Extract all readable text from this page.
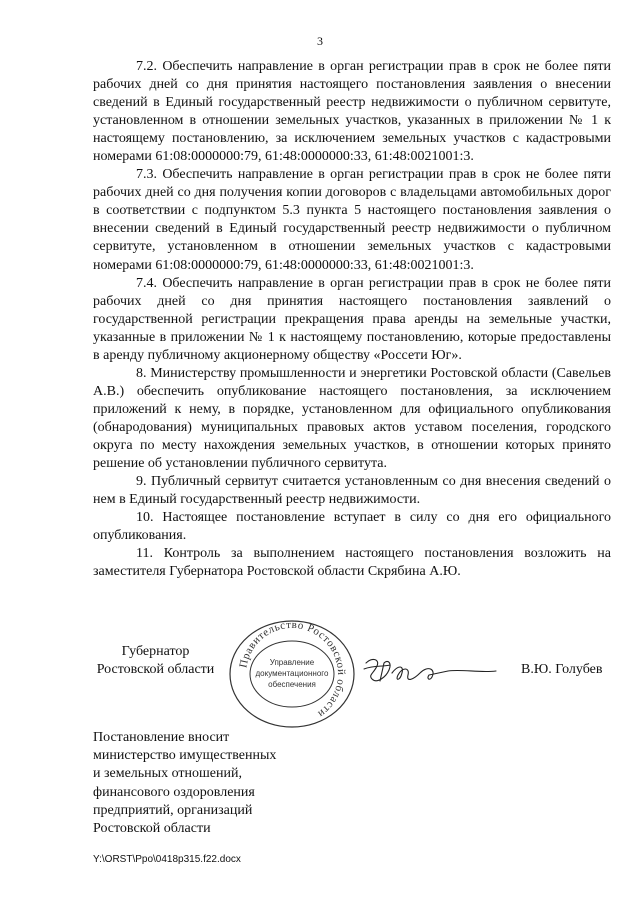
3

7.2. Обеспечить направление в орган регистрации прав в срок не более пяти рабочих дней со дня принятия настоящего постановления заявления о внесении сведений в Единый государственный реестр недвижимости о публичном сервитуте, установленном в отношении земельных участков, указанных в приложении № 1 к настоящему постановлению, за исключением земельных участков с кадастровыми номерами 61:08:0000000:79, 61:48:0000000:33, 61:48:0021001:3.

7.3. Обеспечить направление в орган регистрации прав в срок не более пяти рабочих дней со дня получения копии договоров с владельцами автомобильных дорог в соответствии с подпунктом 5.3 пункта 5 настоящего постановления заявления о внесении сведений в Единый государственный реестр недвижимости о публичном сервитуте, установленном в отношении земельных участков с кадастровыми номерами 61:08:0000000:79, 61:48:0000000:33, 61:48:0021001:3.

7.4. Обеспечить направление в орган регистрации прав в срок не более пяти рабочих дней со дня принятия настоящего постановления заявлений о государственной регистрации прекращения права аренды на земельные участки, указанные в приложении № 1 к настоящему постановлению, которые предоставлены в аренду публичному акционерному обществу «Россети Юг».

8. Министерству промышленности и энергетики Ростовской области (Савельев А.В.) обеспечить опубликование настоящего постановления, за исключением приложений к нему, в порядке, установленном для официального опубликования (обнародования) муниципальных правовых актов уставом поселения, городского округа по месту нахождения земельных участков, в отношении которых принято решение об установлении публичного сервитута.

9. Публичный сервитут считается установленным со дня внесения сведений о нем в Единый государственный реестр недвижимости.

10. Настоящее постановление вступает в силу со дня его официального опубликования.

11. Контроль за выполнением настоящего постановления возложить на заместителя Губернатора Ростовской области Скрябина А.Ю.

Губернатор
Ростовской области	Правительство Ростовской области
Управление
документационного
обеспечения
В.Ю. Голубев
Постановление вносит
министерство имущественных
и земельных отношений,
финансового оздоровления
предприятий, организаций
Ростовской области
Y:\ORST\Ppo\0418p315.f22.docx
